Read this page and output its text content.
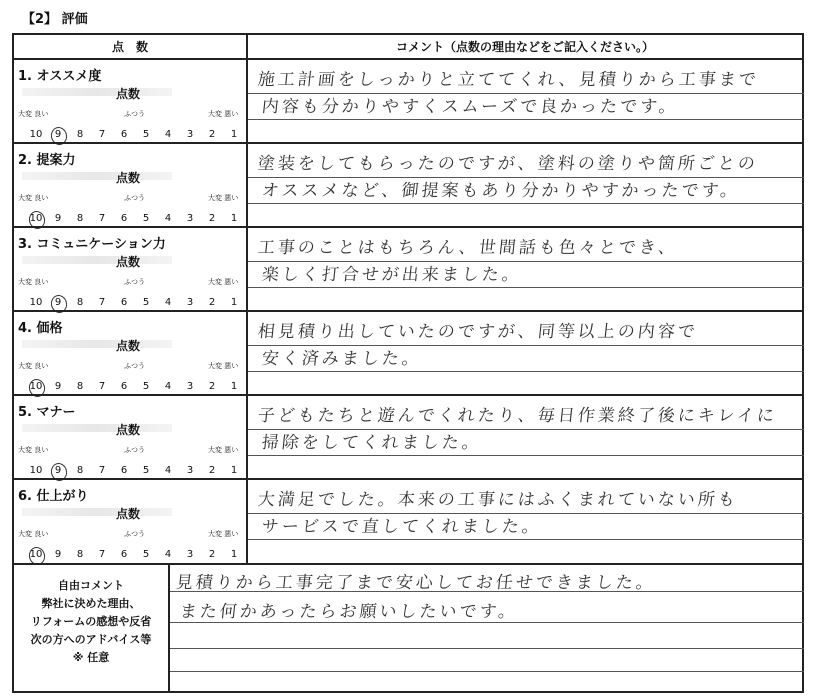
【2】 評価
点　数	コメント（点数の理由などをご記入ください。）
1. オススメ度
点数
大変 良い	ふつう	大変 悪い
10 9 8 7 6 5 4 3 2 1
施工計画をしっかりと立ててくれ、見積りから工事まで
内容も分かりやすくスムーズで良かったです。
2. 提案力
点数
大変 良い	ふつう	大変 悪い
10 9 8 7 6 5 4 3 2 1
塗装をしてもらったのですが、塗料の塗りや箇所ごとの
オススメなど、御提案もあり分かりやすかったです。
3. コミュニケーション力
点数
大変 良い	ふつう	大変 悪い
10 9 8 7 6 5 4 3 2 1
工事のことはもちろん、世間話も色々とでき、
楽しく打合せが出来ました。
4. 価格
点数
大変 良い	ふつう	大変 悪い
10 9 8 7 6 5 4 3 2 1
相見積り出していたのですが、同等以上の内容で
安く済みました。
5. マナー
点数
大変 良い	ふつう	大変 悪い
10 9 8 7 6 5 4 3 2 1
子どもたちと遊んでくれたり、毎日作業終了後にキレイに
掃除をしてくれました。
6. 仕上がり
点数
大変 良い	ふつう	大変 悪い
10 9 8 7 6 5 4 3 2 1
大満足でした。本来の工事にはふくまれていない所も
サービスで直してくれました。
自由コメント
弊社に決めた理由、
リフォームの感想や反省
次の方へのアドバイス等
※ 任意
見積りから工事完了まで安心してお任せできました。
また何かあったらお願いしたいです。
